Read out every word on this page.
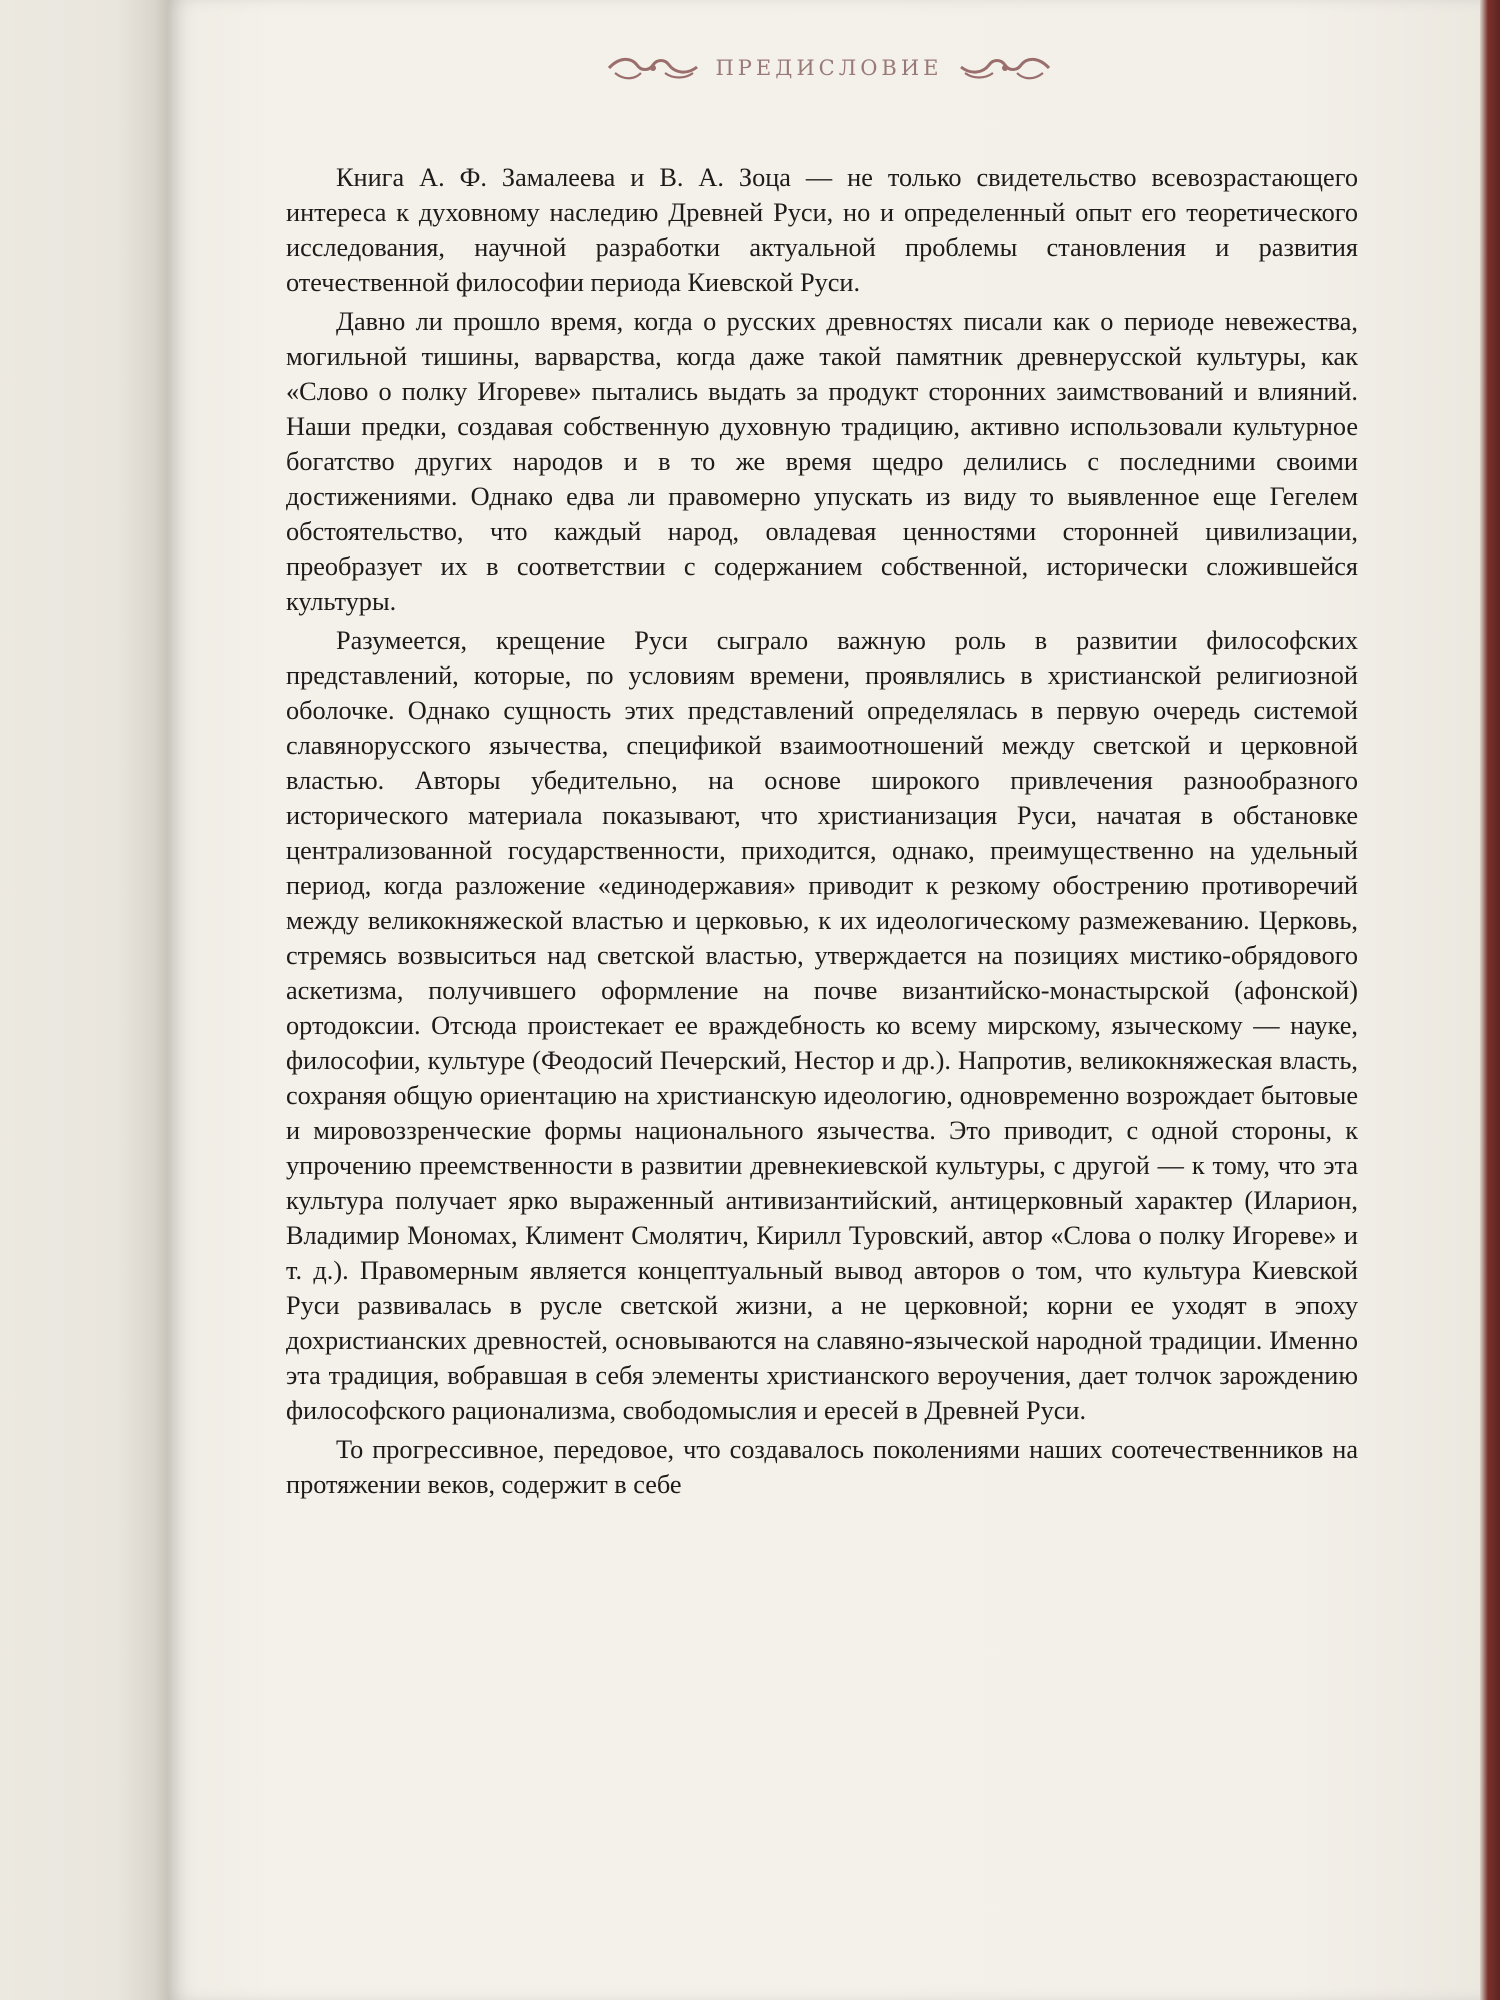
ПРЕДИСЛОВИЕ

Книга А. Ф. Замалеева и В. А. Зоца — не только свидетельство всевозрастающего интереса к духовному наследию Древней Руси, но и определенный опыт его теоретического исследования, научной разработки актуальной проблемы становления и развития отечественной философии периода Киевской Руси.

Давно ли прошло время, когда о русских древностях писали как о периоде невежества, могильной тишины, варварства, когда даже такой памятник древнерусской культуры, как «Слово о полку Игореве» пытались выдать за продукт сторонних заимствований и влияний. Наши предки, создавая собственную духовную традицию, активно использовали культурное богатство других народов и в то же время щедро делились с последними своими достижениями. Однако едва ли правомерно упускать из виду то выявленное еще Гегелем обстоятельство, что каждый народ, овладевая ценностями сторонней цивилизации, преобразует их в соответствии с содержанием собственной, исторически сложившейся культуры.

Разумеется, крещение Руси сыграло важную роль в развитии философских представлений, которые, по условиям времени, проявлялись в христианской религиозной оболочке. Однако сущность этих представлений определялась в первую очередь системой славянорусского язычества, спецификой взаимоотношений между светской и церковной властью. Авторы убедительно, на основе широкого привлечения разнообразного исторического материала показывают, что христианизация Руси, начатая в обстановке централизованной государственности, приходится, однако, преимущественно на удельный период, когда разложение «единодержавия» приводит к резкому обострению противоречий между великокняжеской властью и церковью, к их идеологическому размежеванию. Церковь, стремясь возвыситься над светской властью, утверждается на позициях мистико-обрядового аскетизма, получившего оформление на почве византийско-монастырской (афонской) ортодоксии. Отсюда проистекает ее враждебность ко всему мирскому, языческому — науке, философии, культуре (Феодосий Печерский, Нестор и др.). Напротив, великокняжеская власть, сохраняя общую ориентацию на христианскую идеологию, одновременно возрождает бытовые и мировоззренческие формы национального язычества. Это приводит, с одной стороны, к упрочению преемственности в развитии древнекиевской культуры, с другой — к тому, что эта культура получает ярко выраженный антивизантийский, антицерковный характер (Иларион, Владимир Мономах, Климент Смолятич, Кирилл Туровский, автор «Слова о полку Игореве» и т. д.). Правомерным является концептуальный вывод авторов о том, что культура Киевской Руси развивалась в русле светской жизни, а не церковной; корни ее уходят в эпоху дохристианских древностей, основываются на славяно-языческой народной традиции. Именно эта традиция, вобравшая в себя элементы христианского вероучения, дает толчок зарождению философского рационализма, свободомыслия и ересей в Древней Руси.

То прогрессивное, передовое, что создавалось поколениями наших соотечественников на протяжении веков, содержит в себе
